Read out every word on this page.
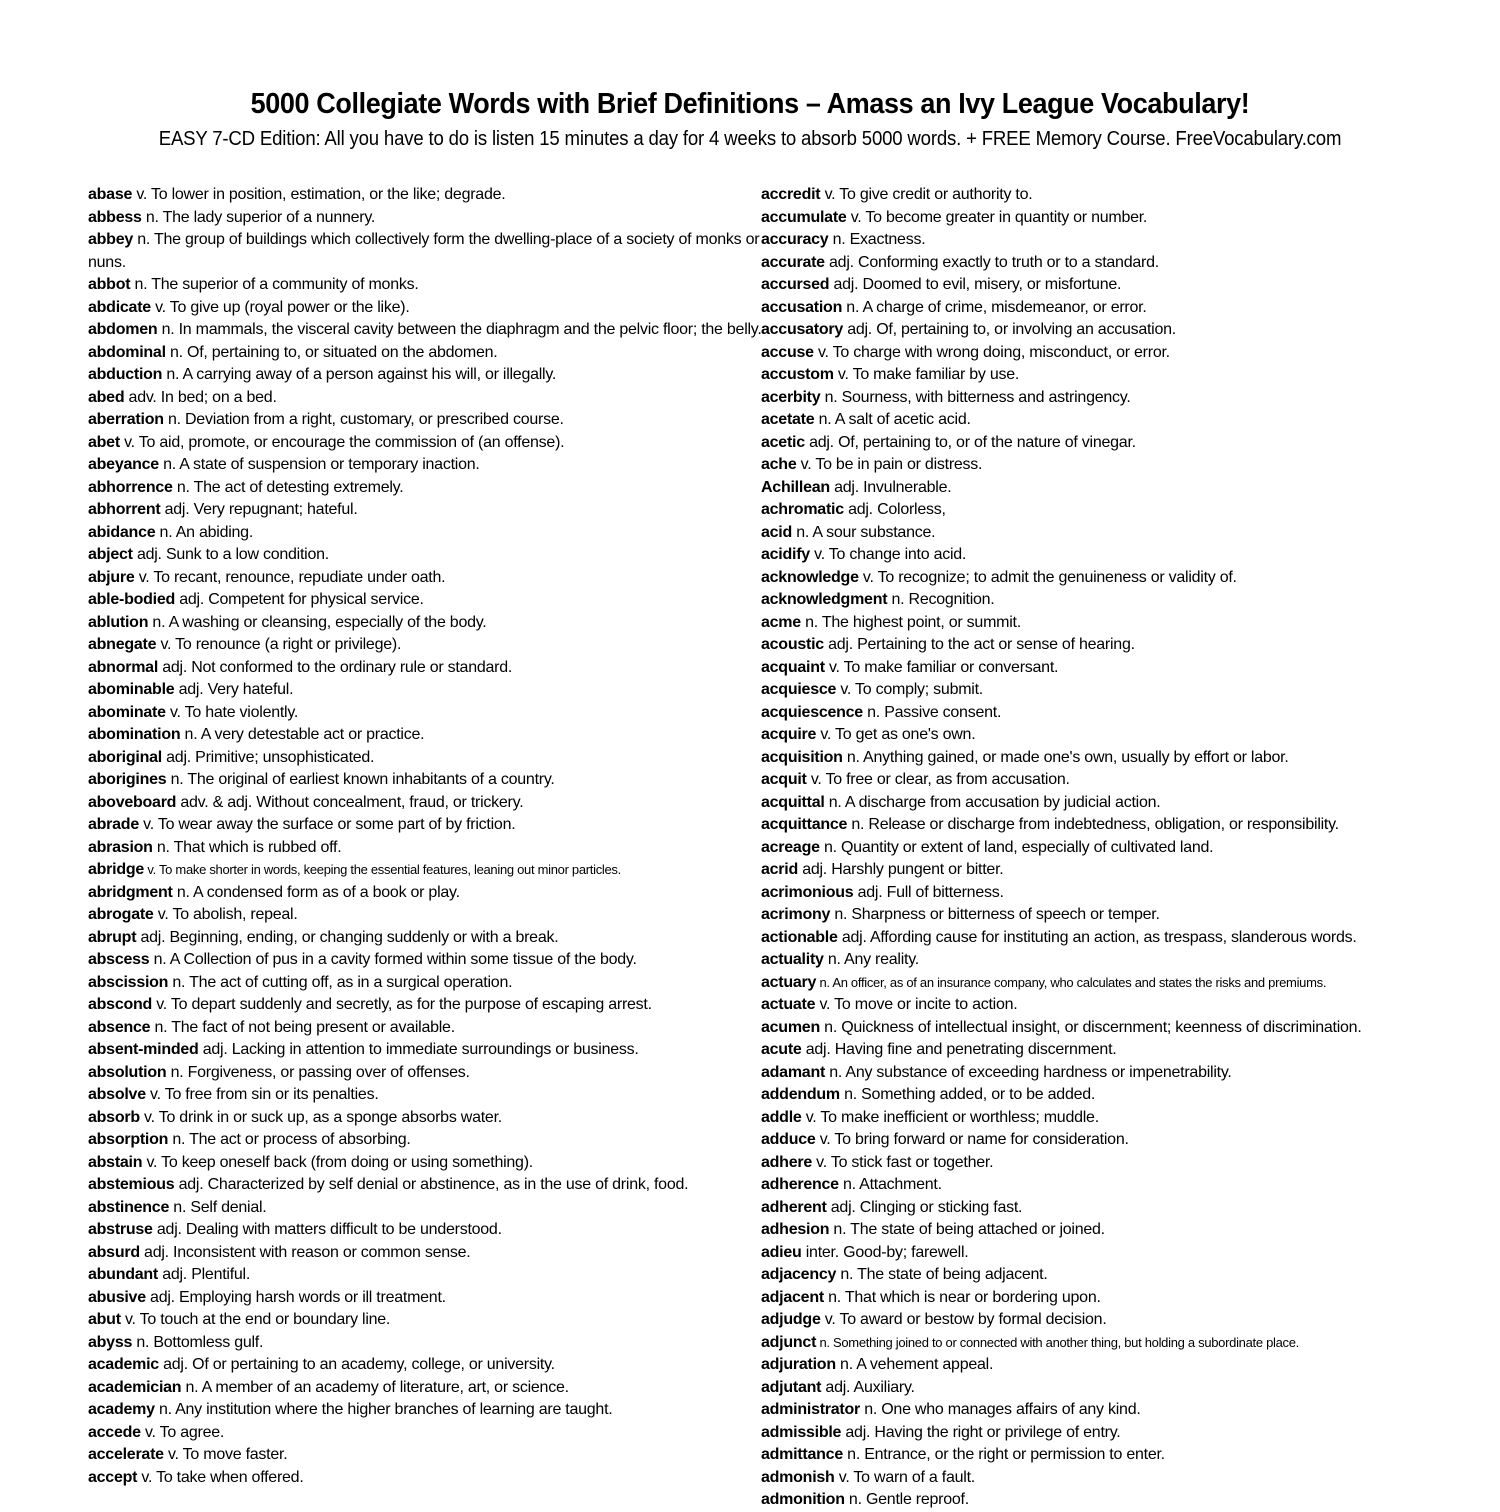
5000 Collegiate Words with Brief Definitions – Amass an Ivy League Vocabulary!

EASY 7-CD Edition: All you have to do is listen 15 minutes a day for 4 weeks to absorb 5000 words. + FREE Memory Course. FreeVocabulary.com

abase v. To lower in position, estimation, or the like; degrade.

abbess n. The lady superior of a nunnery.

abbey n. The group of buildings which collectively form the dwelling-place of a society of monks or nuns.

abbot n. The superior of a community of monks.

abdicate v. To give up (royal power or the like).

abdomen n. In mammals, the visceral cavity between the diaphragm and the pelvic floor; the belly.

abdominal n. Of, pertaining to, or situated on the abdomen.

abduction n. A carrying away of a person against his will, or illegally.

abed adv. In bed; on a bed.

aberration n. Deviation from a right, customary, or prescribed course.

abet v. To aid, promote, or encourage the commission of (an offense).

abeyance n. A state of suspension or temporary inaction.

abhorrence n. The act of detesting extremely.

abhorrent adj. Very repugnant; hateful.

abidance n. An abiding.

abject adj. Sunk to a low condition.

abjure v. To recant, renounce, repudiate under oath.

able-bodied adj. Competent for physical service.

ablution n. A washing or cleansing, especially of the body.

abnegate v. To renounce (a right or privilege).

abnormal adj. Not conformed to the ordinary rule or standard.

abominable adj. Very hateful.

abominate v. To hate violently.

abomination n. A very detestable act or practice.

aboriginal adj. Primitive; unsophisticated.

aborigines n. The original of earliest known inhabitants of a country.

aboveboard adv. & adj. Without concealment, fraud, or trickery.

abrade v. To wear away the surface or some part of by friction.

abrasion n. That which is rubbed off.

abridge v. To make shorter in words, keeping the essential features, leaning out minor particles.

abridgment n. A condensed form as of a book or play.

abrogate v. To abolish, repeal.

abrupt adj. Beginning, ending, or changing suddenly or with a break.

abscess n. A Collection of pus in a cavity formed within some tissue of the body.

abscission n. The act of cutting off, as in a surgical operation.

abscond v. To depart suddenly and secretly, as for the purpose of escaping arrest.

absence n. The fact of not being present or available.

absent-minded adj. Lacking in attention to immediate surroundings or business.

absolution n. Forgiveness, or passing over of offenses.

absolve v. To free from sin or its penalties.

absorb v. To drink in or suck up, as a sponge absorbs water.

absorption n. The act or process of absorbing.

abstain v. To keep oneself back (from doing or using something).

abstemious adj. Characterized by self denial or abstinence, as in the use of drink, food.

abstinence n. Self denial.

abstruse adj. Dealing with matters difficult to be understood.

absurd adj. Inconsistent with reason or common sense.

abundant adj. Plentiful.

abusive adj. Employing harsh words or ill treatment.

abut v. To touch at the end or boundary line.

abyss n. Bottomless gulf.

academic adj. Of or pertaining to an academy, college, or university.

academician n. A member of an academy of literature, art, or science.

academy n. Any institution where the higher branches of learning are taught.

accede v. To agree.

accelerate v. To move faster.

accept v. To take when offered.

accredit v. To give credit or authority to.

accumulate v. To become greater in quantity or number.

accuracy n. Exactness.

accurate adj. Conforming exactly to truth or to a standard.

accursed adj. Doomed to evil, misery, or misfortune.

accusation n. A charge of crime, misdemeanor, or error.

accusatory adj. Of, pertaining to, or involving an accusation.

accuse v. To charge with wrong doing, misconduct, or error.

accustom v. To make familiar by use.

acerbity n. Sourness, with bitterness and astringency.

acetate n. A salt of acetic acid.

acetic adj. Of, pertaining to, or of the nature of vinegar.

ache v. To be in pain or distress.

Achillean adj. Invulnerable.

achromatic adj. Colorless,

acid n. A sour substance.

acidify v. To change into acid.

acknowledge v. To recognize; to admit the genuineness or validity of.

acknowledgment n. Recognition.

acme n. The highest point, or summit.

acoustic adj. Pertaining to the act or sense of hearing.

acquaint v. To make familiar or conversant.

acquiesce v. To comply; submit.

acquiescence n. Passive consent.

acquire v. To get as one's own.

acquisition n. Anything gained, or made one's own, usually by effort or labor.

acquit v. To free or clear, as from accusation.

acquittal n. A discharge from accusation by judicial action.

acquittance n. Release or discharge from indebtedness, obligation, or responsibility.

acreage n. Quantity or extent of land, especially of cultivated land.

acrid adj. Harshly pungent or bitter.

acrimonious adj. Full of bitterness.

acrimony n. Sharpness or bitterness of speech or temper.

actionable adj. Affording cause for instituting an action, as trespass, slanderous words.

actuality n. Any reality.

actuary n. An officer, as of an insurance company, who calculates and states the risks and premiums.

actuate v. To move or incite to action.

acumen n. Quickness of intellectual insight, or discernment; keenness of discrimination.

acute adj. Having fine and penetrating discernment.

adamant n. Any substance of exceeding hardness or impenetrability.

addendum n. Something added, or to be added.

addle v. To make inefficient or worthless; muddle.

adduce v. To bring forward or name for consideration.

adhere v. To stick fast or together.

adherence n. Attachment.

adherent adj. Clinging or sticking fast.

adhesion n. The state of being attached or joined.

adieu inter. Good-by; farewell.

adjacency n. The state of being adjacent.

adjacent n. That which is near or bordering upon.

adjudge v. To award or bestow by formal decision.

adjunct n. Something joined to or connected with another thing, but holding a subordinate place.

adjuration n. A vehement appeal.

adjutant adj. Auxiliary.

administrator n. One who manages affairs of any kind.

admissible adj. Having the right or privilege of entry.

admittance n. Entrance, or the right or permission to enter.

admonish v. To warn of a fault.

admonition n. Gentle reproof.
